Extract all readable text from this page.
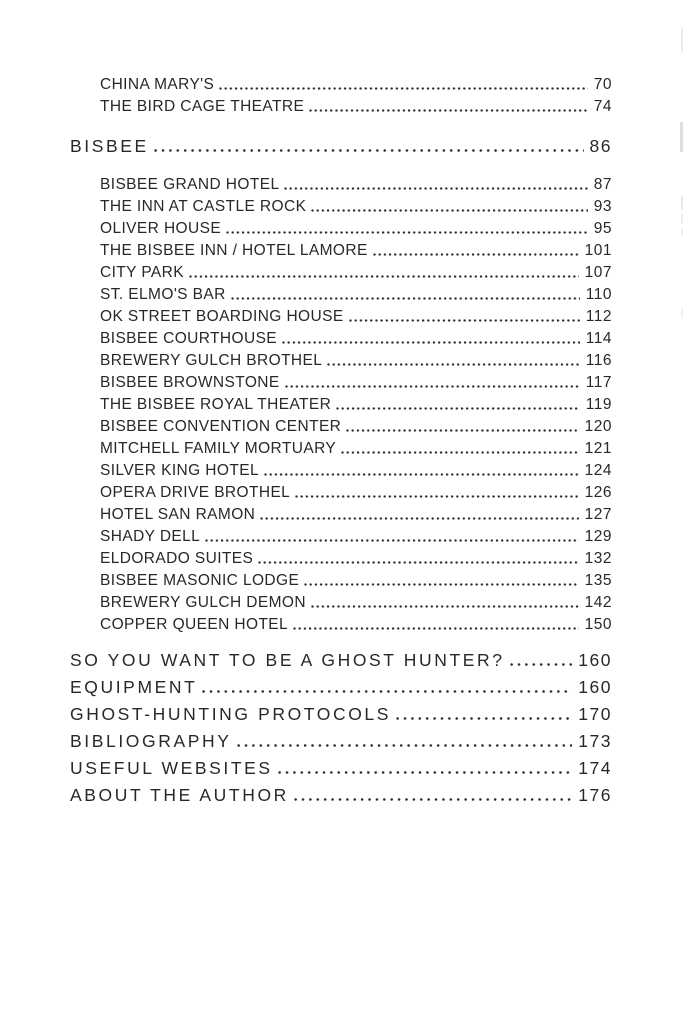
CHINA MARY'S	70
THE BIRD CAGE THEATRE	74
BISBEE	86
BISBEE GRAND HOTEL	87
THE INN AT CASTLE ROCK	93
OLIVER HOUSE	95
THE BISBEE INN / HOTEL LAMORE	101
CITY PARK	107
ST. ELMO'S BAR	110
OK STREET BOARDING HOUSE	112
BISBEE COURTHOUSE	114
BREWERY GULCH BROTHEL	116
BISBEE BROWNSTONE	117
THE BISBEE ROYAL THEATER	119
BISBEE CONVENTION CENTER	120
MITCHELL FAMILY MORTUARY	121
SILVER KING HOTEL	124
OPERA DRIVE BROTHEL	126
HOTEL SAN RAMON	127
SHADY DELL	129
ELDORADO SUITES	132
BISBEE MASONIC LODGE	135
BREWERY GULCH DEMON	142
COPPER QUEEN HOTEL	150
SO YOU WANT TO BE A GHOST HUNTER?	160
EQUIPMENT	160
GHOST-HUNTING PROTOCOLS	170
BIBLIOGRAPHY	173
USEFUL WEBSITES	174
ABOUT THE AUTHOR	176
